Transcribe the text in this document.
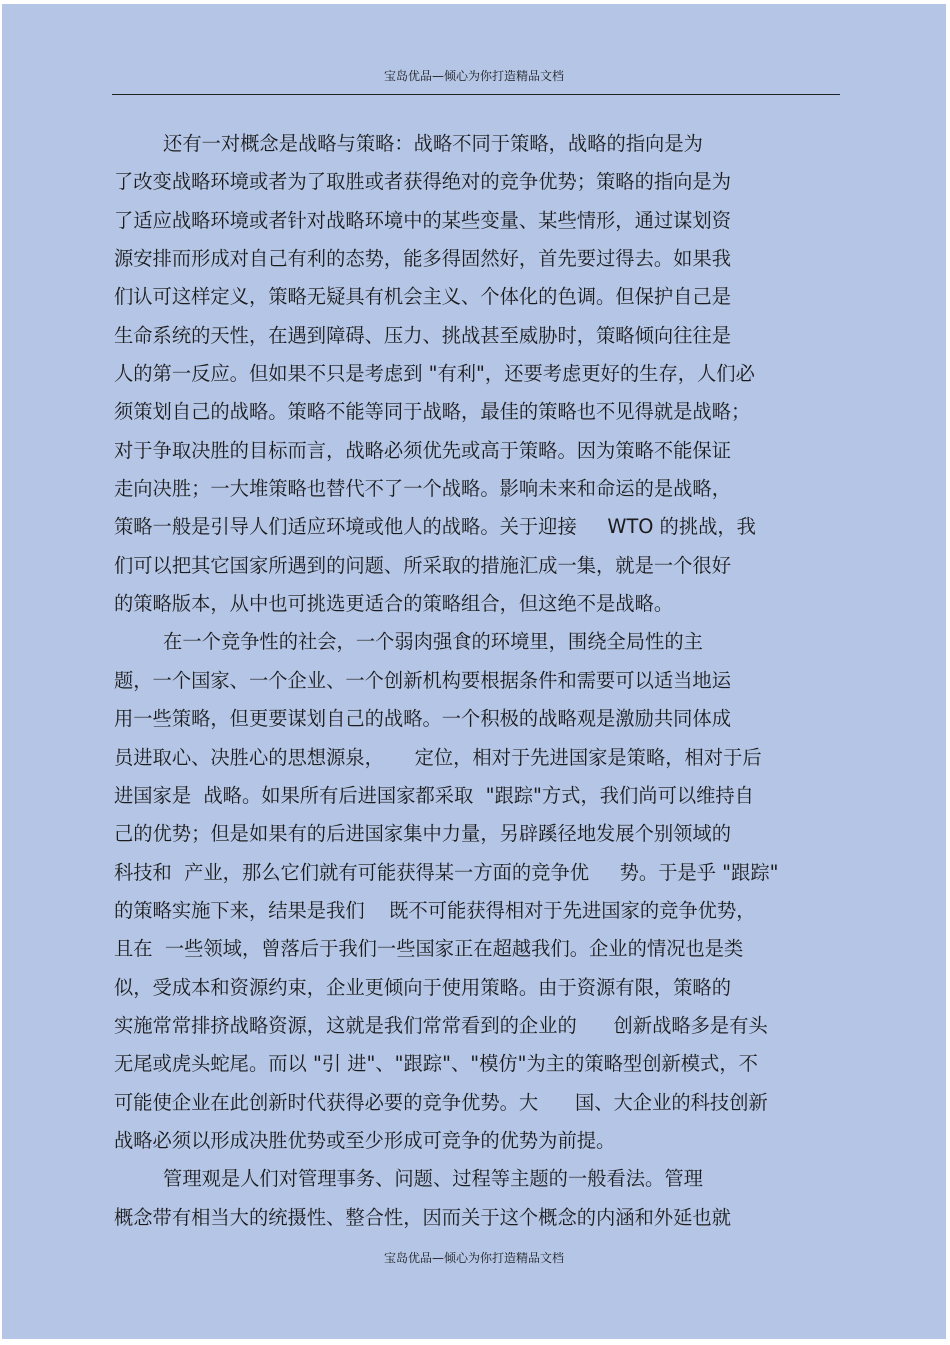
宝岛优品—倾心为你打造精品文档
还有一对概念是战略与策略：战略不同于策略，战略的指向是为
了改变战略环境或者为了取胜或者获得绝对的竞争优势；策略的指向是为
了适应战略环境或者针对战略环境中的某些变量、某些情形，通过谋划资
源安排而形成对自己有利的态势，能多得固然好，首先要过得去。如果我
们认可这样定义，策略无疑具有机会主义、个体化的色调。但保护自己是
生命系统的天性，在遇到障碍、压力、挑战甚至威胁时，策略倾向往往是
人的第一反应。但如果不只是考虑到 "有利"，还要考虑更好的生存，人们必
须策划自己的战略。策略不能等同于战略，最佳的策略也不见得就是战略；
对于争取决胜的目标而言，战略必须优先或高于策略。因为策略不能保证
走向决胜；一大堆策略也替代不了一个战略。影响未来和命运的是战略，
策略一般是引导人们适应环境或他人的战略。关于迎接     WTO 的挑战，我
们可以把其它国家所遇到的问题、所采取的措施汇成一集，就是一个很好
的策略版本，从中也可挑选更适合的策略组合，但这绝不是战略。
在一个竞争性的社会，一个弱肉强食的环境里，围绕全局性的主
题，一个国家、一个企业、一个创新机构要根据条件和需要可以适当地运
用一些策略，但更要谋划自己的战略。一个积极的战略观是激励共同体成
员进取心、决胜心的思想源泉，     定位，相对于先进国家是策略，相对于后
进国家是  战略。如果所有后进国家都采取  "跟踪"方式，我们尚可以维持自
己的优势；但是如果有的后进国家集中力量，另辟蹊径地发展个别领域的
科技和  产业，那么它们就有可能获得某一方面的竞争优     势。于是乎 "跟踪"
的策略实施下来，结果是我们    既不可能获得相对于先进国家的竞争优势，
且在  一些领域，曾落后于我们一些国家正在超越我们。企业的情况也是类
似，受成本和资源约束，企业更倾向于使用策略。由于资源有限，策略的
实施常常排挤战略资源，这就是我们常常看到的企业的      创新战略多是有头
无尾或虎头蛇尾。而以 "引 进"、"跟踪"、"模仿"为主的策略型创新模式，不
可能使企业在此创新时代获得必要的竞争优势。大      国、大企业的科技创新
战略必须以形成决胜优势或至少形成可竞争的优势为前提。
管理观是人们对管理事务、问题、过程等主题的一般看法。管理
概念带有相当大的统摄性、整合性，因而关于这个概念的内涵和外延也就
宝岛优品—倾心为你打造精品文档
